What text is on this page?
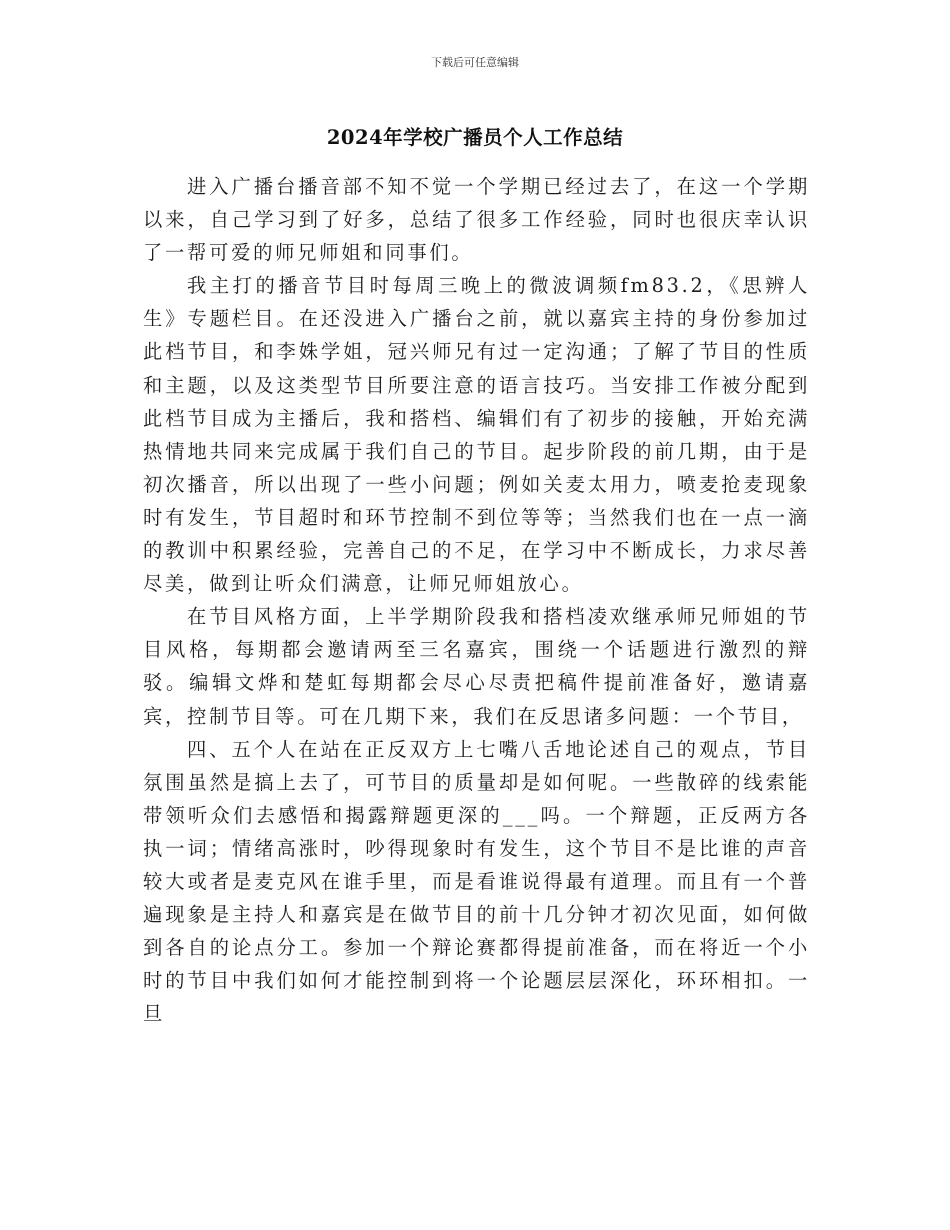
下载后可任意编辑
2024年学校广播员个人工作总结

进入广播台播音部不知不觉一个学期已经过去了，在这一个学期以来，自己学习到了好多，总结了很多工作经验，同时也很庆幸认识了一帮可爱的师兄师姐和同事们。

我主打的播音节目时每周三晚上的微波调频fm83.2，《思辨人生》专题栏目。在还没进入广播台之前，就以嘉宾主持的身份参加过此档节目，和李姝学姐，冠兴师兄有过一定沟通；了解了节目的性质和主题，以及这类型节目所要注意的语言技巧。当安排工作被分配到此档节目成为主播后，我和搭档、编辑们有了初步的接触，开始充满热情地共同来完成属于我们自己的节目。起步阶段的前几期，由于是初次播音，所以出现了一些小问题；例如关麦太用力，喷麦抢麦现象时有发生，节目超时和环节控制不到位等等；当然我们也在一点一滴的教训中积累经验，完善自己的不足，在学习中不断成长，力求尽善尽美，做到让听众们满意，让师兄师姐放心。

在节目风格方面，上半学期阶段我和搭档凌欢继承师兄师姐的节目风格，每期都会邀请两至三名嘉宾，围绕一个话题进行激烈的辩驳。编辑文烨和楚虹每期都会尽心尽责把稿件提前准备好，邀请嘉宾，控制节目等。可在几期下来，我们在反思诸多问题：一个节目，

四、五个人在站在正反双方上七嘴八舌地论述自己的观点，节目氛围虽然是搞上去了，可节目的质量却是如何呢。一些散碎的线索能带领听众们去感悟和揭露辩题更深的___吗。一个辩题，正反两方各执一词；情绪高涨时，吵得现象时有发生，这个节目不是比谁的声音较大或者是麦克风在谁手里，而是看谁说得最有道理。而且有一个普遍现象是主持人和嘉宾是在做节目的前十几分钟才初次见面，如何做到各自的论点分工。参加一个辩论赛都得提前准备，而在将近一个小时的节目中我们如何才能控制到将一个论题层层深化，环环相扣。一旦
